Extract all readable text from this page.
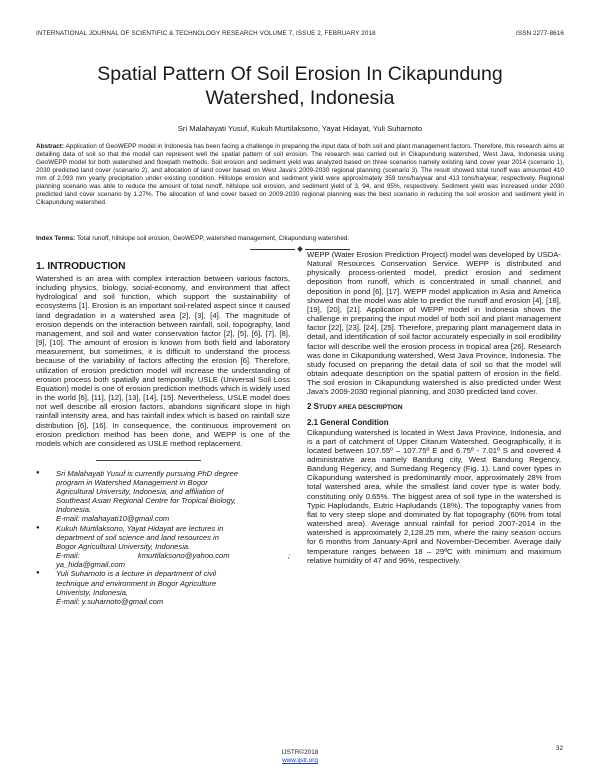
INTERNATIONAL JOURNAL OF SCIENTIFIC & TECHNOLOGY RESEARCH VOLUME 7, ISSUE 2, FEBRUARY 2018	ISSN 2277-8616
Spatial Pattern Of Soil Erosion In Cikapundung
Watershed, Indonesia
Sri Malahayati Yusuf, Kukuh Murtilaksono, Yayat Hidayat, Yuli Suharnoto
Abstract: Application of GeoWEPP model in Indonesia has been facing a challenge in preparing the input data of both soil and plant management factors. Therefore, this research aims at detailing data of soil so that the model can represent well the spatial pattern of soil erosion. The research was carried out in Cikapundung watershed, West Java, Indonesia using GeoWEPP model for both watershed and flowpath methods. Soil erosion and sediment yield was analyzed based on three scenarios namely existing land cover year 2014 (scenario 1), 2030 predicted land cover (scenario 2), and allocation of land cover based on West Java's 2009-2030 regional planning (scenario 3). The result showed total runoff was amounted 410 mm of 2,093 mm yearly precipitation under existing condition. Hillslope erosion and sediment yield were approximately 359 tons/ha/year and 413 tons/ha/year, respectively. Regional planning scenario was able to reduce the amount of total runoff, hillslope soil erosion, and sediment yield of 3, 94, and 95%, respectively. Sediment yield was increased under 2030 predicted land cover scenario by 1.27%. The allocation of land cover based on 2009-2030 regional planning was the best scenario in reducing the soil erosion and sediment yield in Cikapundung watershed.
Index Terms: Total runoff, hillslope soil erosion, GeoWEPP, watershed management, Cikapundung watershed.
1. INTRODUCTION
Watershed is an area with complex interaction between various factors, including physics, biology, social-economy, and environment that affect hydrological and soil function, which support the sustainability of ecosystems [1]. Erosion is an important soil-related aspect since it caused land degradation in a watershed area [2], [3], [4]. The magnitude of erosion depends on the interaction between rainfall, soil, topography, land management, and soil and water conservation factor [2], [5], [6], [7], [8], [9], [10]. The amount of erosion is known from both field and laboratory measurement, but sometimes, it is difficult to understand the process because of the variability of factors affecting the erosion [6]. Therefore, utilization of erosion prediction model will increase the understanding of erosion process both spatially and temporally. USLE (Universal Soil Loss Equation) model is one of erosion prediction methods which is widely used in the world [6], [11], [12], [13], [14], [15]. Nevertheless, USLE model does not well describe all erosion factors, abandons significant slope in high rainfall intensity area, and has rainfall index which is based on rainfall size distribution [6], [16]. In consequence, the continuous improvement on erosion prediction method has been done, and WEPP is one of the models which are considered as USLE method replacement.
●	Sri Malahayati Yusuf is currently pursuing PhD degree
program in Watershed Management in Bogor
Agricultural University, Indonesia, and affiliation of
Southeast Asian Regional Centre for Tropical Biology,
Indonesia.
E-mail: malahayati10@gmail.com
●	Kukuh Murtilaksono, Yayat Hidayat are lectures in
department of soil science and land resources in
Bogor Agricultural University, Indonesia.
E-mail:	kmurtilaksono@yahoo.com	;
ya_hida@gmail.com
●	Yuli Suharnoto is a lecture in department of civil
technique and environment in Bogor Agriculture
Univeristy, Indonesia,
E-mail: y.suharnoto@gmail.com
WEPP (Water Erosion Prediction Project) model was developed by USDA-Natural Resources Conservation Service. WEPP is distributed and physically process-oriented model, predict erosion and sediment deposition from runoff, which is concentrated in small channel, and deposition in pond [6], [17]. WEPP model application in Asia and America showed that the model was able to predict the runoff and erosion [4], [18], [19], [20], [21]. Application of WEPP model in Indonesia shows the challenge in preparing the input model of both soil and plant management factor [22], [23], [24], [25]. Therefore, preparing plant management data in detail, and identification of soil factor accurately especially in soil erodibility factor will describe well the erosion process in tropical area [26]. Research was done in Cikapundung watershed, West Java Province, Indonesia. The study focused on preparing the detail data of soil so that the model will obtain adequate description on the spatial pattern of erosion in the field. The soil erosion in Cikapundung watershed is also predicted under West Java's 2009-2030 regional planning, and 2030 predicted land cover.
2 STUDY AREA DESCRIPTION
2.1 General Condition
Cikapundung watershed is located in West Java Province, Indonesia, and is a part of catchment of Upper Citarum Watershed. Geographically, it is located between 107.55º – 107.75º E and 6.75º - 7.01º S and covered 4 administrative area namely Bandung city, West Bandung Regency, Bandung Regency, and Sumedang Regency (Fig. 1). Land cover types in Cikapundung watershed is predominantly moor, approximately 28% from total watershed area, while the smallest land cover type is water body, constituting only 0.65%. The biggest area of soil type in the watershed is Typic Hapludands, Eutric Hapludands (18%). The topography varies from flat to very steep slope and dominated by flat topography (60% from total watershed area). Average annual rainfall for period 2007-2014 in the watershed is approximately 2,128.25 mm, where the rainy season occurs for 6 months from January-April and November-December. Average daily temperature ranges between 18 – 29ºC with minimum and maximum relative humidity of 47 and 96%, respectively.
32
IJSTR©2018
www.ijstr.org
